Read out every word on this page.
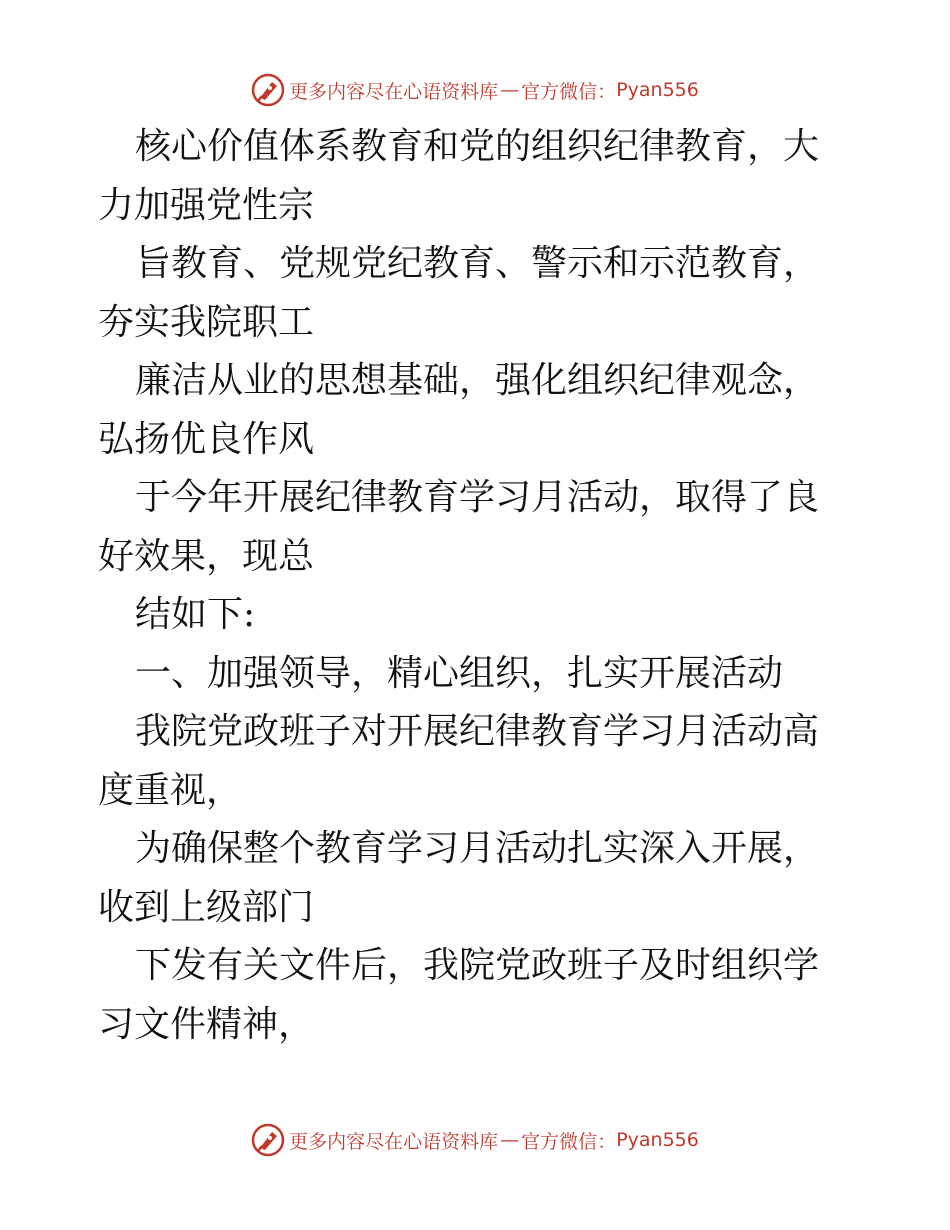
更多内容尽在心语资料库 — 官方微信： Pyan556
核心价值体系教育和党的组织纪律教育，大力加强党性宗
旨教育、党规党纪教育、警示和示范教育，夯实我院职工
廉洁从业的思想基础，强化组织纪律观念，弘扬优良作风
于今年开展纪律教育学习月活动，取得了良好效果，现总
结如下:
一、加强领导，精心组织，扎实开展活动
我院党政班子对开展纪律教育学习月活动高度重视，
为确保整个教育学习月活动扎实深入开展，收到上级部门
下发有关文件后，我院党政班子及时组织学习文件精神，
更多内容尽在心语资料库 — 官方微信： Pyan556
